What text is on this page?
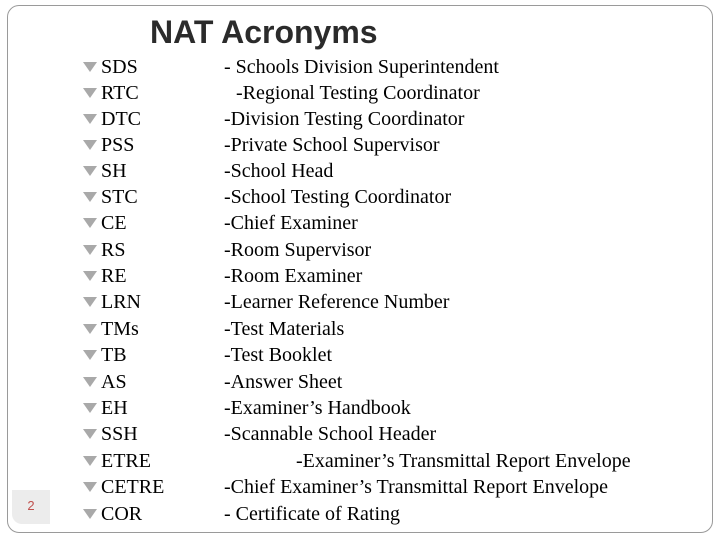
NAT Acronyms
SDS	- Schools Division Superintendent
RTC	-Regional Testing Coordinator
DTC	-Division Testing Coordinator
PSS	-Private School Supervisor
SH	-School Head
STC	-School Testing Coordinator
CE	-Chief Examiner
RS	-Room Supervisor
RE	-Room Examiner
LRN	-Learner Reference Number
TMs	-Test Materials
TB	-Test Booklet
AS	-Answer Sheet
EH	-Examiner’s Handbook
SSH	-Scannable School Header
ETRE	-Examiner’s Transmittal Report Envelope
CETRE	-Chief Examiner’s Transmittal Report Envelope
COR	- Certificate of Rating
2
